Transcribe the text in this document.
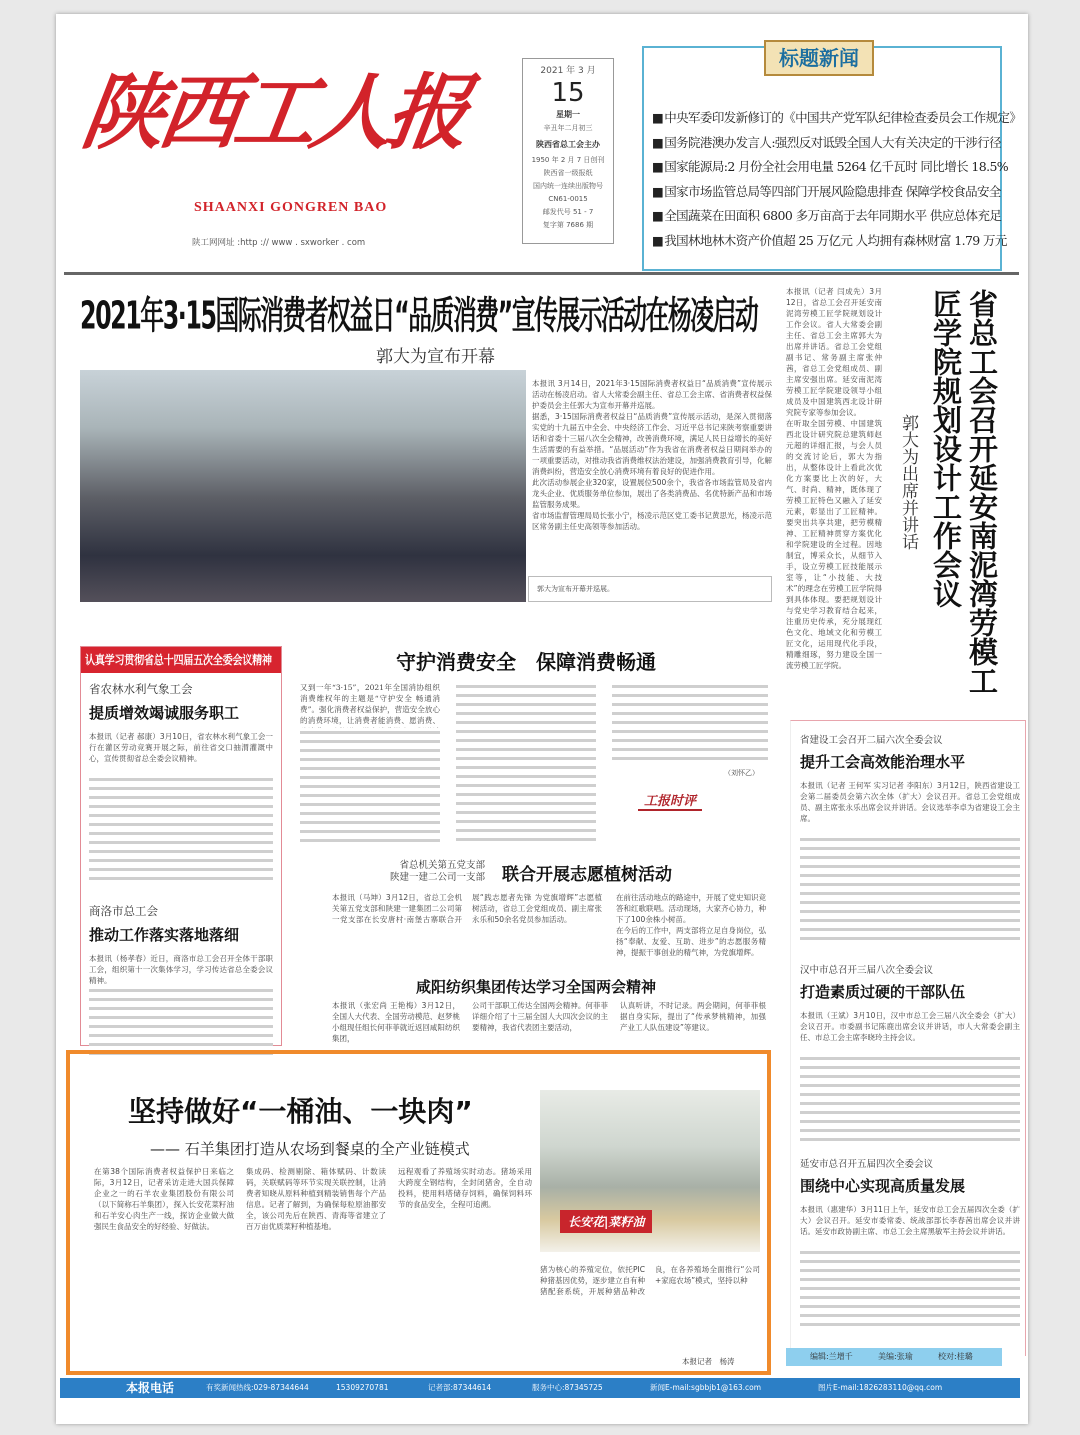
陕西工人报
SHAANXI GONGREN BAO
陕工网网址 :http :// www . sxworker . com
2021 年 3 月
15
星期一
辛丑年二月初三
陕西省总工会主办
1950 年 2 月 7 日创刊
陕西省一级报纸
国内统一连续出版物号
CN61-0015
邮发代号 51 - 7
复字第 7686 期
标题新闻
■ 中央军委印发新修订的《中国共产党军队纪律检查委员会工作规定》
■ 国务院港澳办发言人:强烈反对诋毁全国人大有关决定的干涉行径
■ 国家能源局:2 月份全社会用电量 5264 亿千瓦时 同比增长 18.5%
■ 国家市场监管总局等四部门开展风险隐患排查 保障学校食品安全
■ 全国蔬菜在田面积 6800 多万亩高于去年同期水平 供应总体充足
■ 我国林地林木资产价值超 25 万亿元 人均拥有森林财富 1.79 万元
2021年3·15国际消费者权益日“品质消费”宣传展示活动在杨凌启动
郭大为宣布开幕

本报讯 3月14日，2021年3·15国际消费者权益日“品质消费”宣传展示活动在杨凌启动。省人大常委会副主任、省总工会主席、省消费者权益保护委员会主任郭大为宣布开幕并巡展。

据悉，3·15国际消费者权益日“品质消费”宣传展示活动，是深入贯彻落实党的十九届五中全会、中央经济工作会、习近平总书记来陕考察重要讲话和省委十三届八次全会精神，改善消费环境，满足人民日益增长的美好生活需要的有益举措。“品展活动”作为我省在消费者权益日期间举办的一项重要活动，对推动我省消费维权法治建设，加强消费教育引导，化解消费纠纷，营造安全放心消费环境有着良好的促进作用。

此次活动参展企业320家，设置展位500余个，我省各市场监管局及省内龙头企业、优质服务单位参加，展出了各类消费品、名优特新产品和市场监管服务成果。

省市场监督管理局局长张小宁，杨凌示范区党工委书记黄思光，杨凌示范区常务副主任史高领等参加活动。

郭大为宣布开幕并巡展。

本报讯（记者 闫成先）3月12日，省总工会召开延安南泥湾劳模工匠学院规划设计工作会议。省人大常委会副主任、省总工会主席郭大为出席并讲话。省总工会党组副书记、常务副主席张仲茜，省总工会党组成员、副主席安强出席。延安南泥湾劳模工匠学院建设领导小组成员及中国建筑西北设计研究院专家等参加会议。

在听取全国劳模、中国建筑西北设计研究院总建筑师赵元超的详细汇报，与会人员的交流讨论后，郭大为指出，从整体设计上看此次优化方案要比上次的好，大气、时尚、精神，既体现了劳模工匠特色又融入了延安元素，彰显出了工匠精神。要突出共享共建，把劳模精神、工匠精神贯穿方案优化和学院建设的全过程。因地制宜，博采众长，从细节入手，设立劳模工匠技能展示室等，让“小技能、大技术”的理念在劳模工匠学院得到具体体现。要把规划设计与党史学习教育结合起来，注重历史传承，充分展现红色文化、地域文化和劳模工匠文化，运用现代化手段，精雕细琢，努力建设全国一流劳模工匠学院。

郭大为出席并讲话	省总工会召开延安南泥湾劳模工匠学院规划设计工作会议
认真学习贯彻省总十四届五次全委会议精神
省农林水利气象工会
提质增效竭诚服务职工
本报讯（记者 郝康）3月10日，省农林水利气象工会一行在灌区劳动竞赛开展之际，前往省交口抽渭灌溉中心，宣传贯彻省总全委会议精神。
商洛市总工会
推动工作落实落地落细
本报讯（杨孝春）近日，商洛市总工会召开全体干部职工会，组织第十一次集体学习，学习传达省总全委会议精神。
守护消费安全　保障消费畅通
又到一年“3·15”，2021年全国消协组织消费维权年的主题是“守护安全 畅通消费”。强化消费者权益保护，营造安全放心的消费环境，让消费者能消费、愿消费、
（刘怀乙）
工报时评
省总机关第五党支部
陕建一建二公司一支部 联合开展志愿植树活动
本报讯（马坤）3月12日，省总工会机关第五党支部和陕建一建集团二公司第一党支部在长安唐村·南堡古寨联合开展“践志愿者先锋 为党旗增辉”志愿植树活动，省总工会党组成员、副主席张永乐和50余名党员参加活动。

在前往活动地点的路途中，开展了党史知识竞答和红歌联唱。活动现场，大家齐心协力，种下了100余株小树苗。

在今后的工作中，两支部将立足自身岗位，弘扬“奉献、友爱、互助、进步”的志愿服务精神，提振干事创业的精气神，为党旗增辉。

咸阳纺织集团传达学习全国两会精神
本报讯（张宏尚 王艳梅）3月12日，全国人大代表、全国劳动模范、赵梦桃小组现任组长何菲菲就近返回咸阳纺织集团，
公司干部职工传达全国两会精神。何菲菲详细介绍了十三届全国人大四次会议的主要精神，我省代表团主要活动，
认真听讲，不时记录。两会期间，何菲菲根据自身实际，提出了“传承梦桃精神，加强产业工人队伍建设”等建议。
省建设工会召开二届六次全委会议
提升工会高效能治理水平
本报讯（记者 王何军 实习记者 李阳东）3月12日，陕西省建设工会第二届委员会第六次全体（扩大）会议召开。省总工会党组成员、副主席张永乐出席会议并讲话。会议选举李卓为省建设工会主席。
汉中市总召开三届八次全委会议
打造素质过硬的干部队伍
本报讯（王斌）3月10日，汉中市总工会三届八次全委会（扩大）会议召开。市委副书记陈鹿出席会议并讲话，市人大常委会副主任、市总工会主席李晓玲主持会议。
延安市总召开五届四次全委会议
围绕中心实现高质量发展
本报讯（惠建华）3月11日上午，延安市总工会五届四次全委（扩大）会议召开。延安市委常委、统战部部长李春茜出席会议并讲话。延安市政协副主席、市总工会主席黑敏军主持会议并讲话。
编辑:兰增千	美编:张瑜	校对:桂璐
坚持做好“一桶油、一块肉”
—— 石羊集团打造从农场到餐桌的全产业链模式
长安花|菜籽油
在第38个国际消费者权益保护日来临之际，3月12日，记者采访走进大国兵保障企业之一的石羊农业集团股份有限公司（以下简称石羊集团），探入长安花菜籽油和石羊安心肉生产一线，探访企业做大做强民生食品安全的好经验、好做法。
集成码、检测剔除、箱体赋码、计数读码，关联赋码等环节实现关联控制，让消费者知晓从原料种植到精装销售每个产品信息。记者了解到，为确保每粒原油都安全，该公司先后在陕西、青海等省建立了百万亩优质菜籽种植基地。
远程观看了养殖场实时动态。猪场采用大跨度全钢结构，全封闭猪舍，全自动投料，使用料塔储存饲料，确保饲料环节的食品安全，全程可追溯。
猪为核心的养殖定位，依托PIC种猪基因优势，逐步建立自有种猪配套系统，开展种猪品种改良，在各养殖场全面推行“公司+家庭农场”模式，坚持以种
本报记者　杨涛
本报电话	有奖新闻热线:029-87344644	15309270781	记者部:87344614	服务中心:87345725	新闻E-mail:sgbbjb1@163.com	图片E-mail:1826283110@qq.com
